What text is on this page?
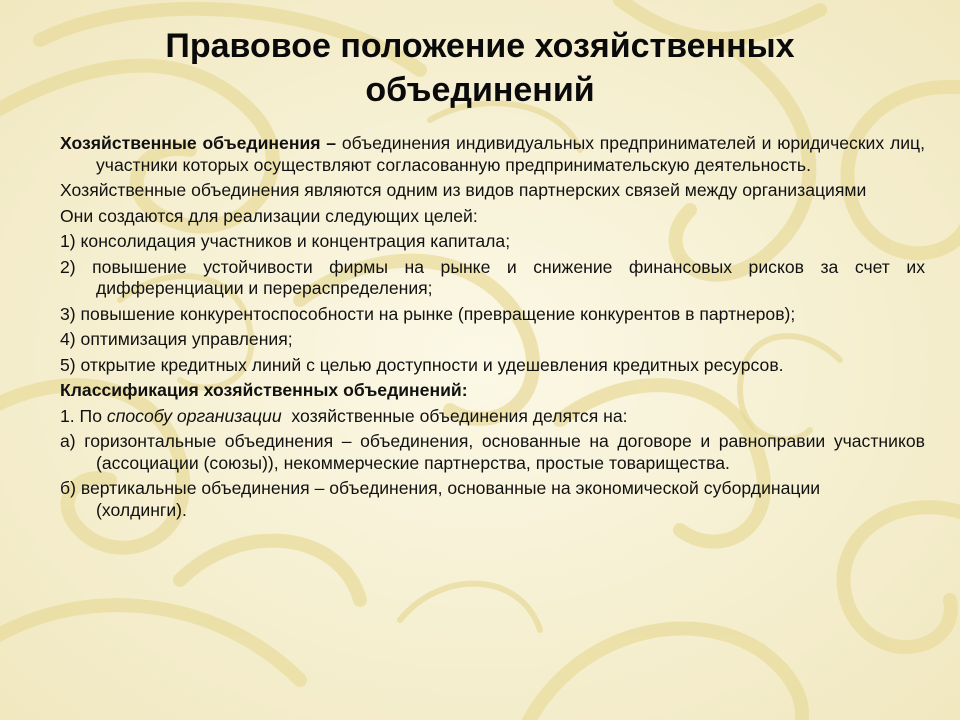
Правовое положение хозяйственных
объединений

Хозяйственные объединения – объединения индивидуальных предпринимателей и юридических лиц, участники которых осуществляют согласованную предпринимательскую деятельность.

Хозяйственные объединения являются одним из видов партнерских связей между организациями

Они создаются для реализации следующих целей:

1) консолидация участников и концентрация капитала;

2) повышение устойчивости фирмы на рынке и снижение финансовых рисков за счет их дифференциации и перераспределения;

3) повышение конкурентоспособности на рынке (превращение конкурентов в партнеров);

4) оптимизация управления;

5) открытие кредитных линий с целью доступности и удешевления кредитных ресурсов.

Классификация хозяйственных объединений:

1. По способу организации  хозяйственные объединения делятся на:

а) горизонтальные объединения – объединения, основанные на договоре и равноправии участников (ассоциации (союзы)), некоммерческие партнерства, простые товарищества.

б) вертикальные объединения – объединения, основанные на экономической субординации (холдинги).
